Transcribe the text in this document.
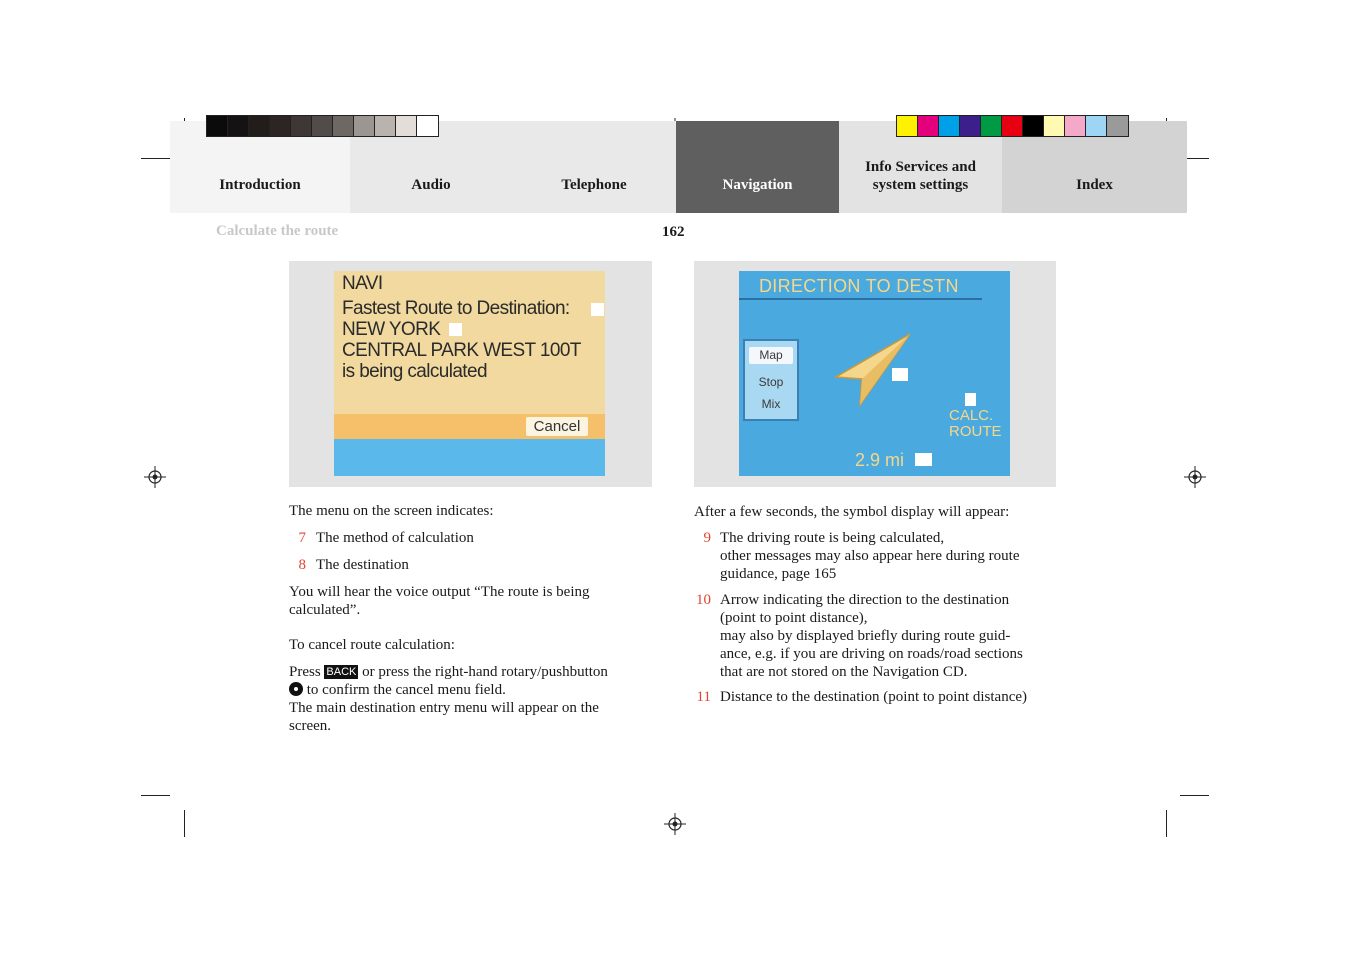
Introduction	Audio	Telephone	Navigation
Info Services and
system settings	Index
Calculate the route	162
NAVI
Fastest Route to Destination:
NEW YORK
CENTRAL PARK WEST 100T
is being calculated
Cancel
DIRECTION TO DESTN
Map
Stop
Mix
CALC.
ROUTE
2.9 mi
The menu on the screen indicates:
7 The method of calculation
8 The destination
You will hear the voice output “The route is being
calculated”.
To cancel route calculation:
Press BACK or press the right-hand rotary/pushbutton
to confirm the cancel menu field.
The main destination entry menu will appear on the
screen.
After a few seconds, the symbol display will appear:
9 The driving route is being calculated,
other messages may also appear here during route
guidance, page 165
10 Arrow indicating the direction to the destination
(point to point distance),
may also by displayed briefly during route guid-
ance, e.g. if you are driving on roads/road sections
that are not stored on the Navigation CD.
11 Distance to the destination (point to point distance)
